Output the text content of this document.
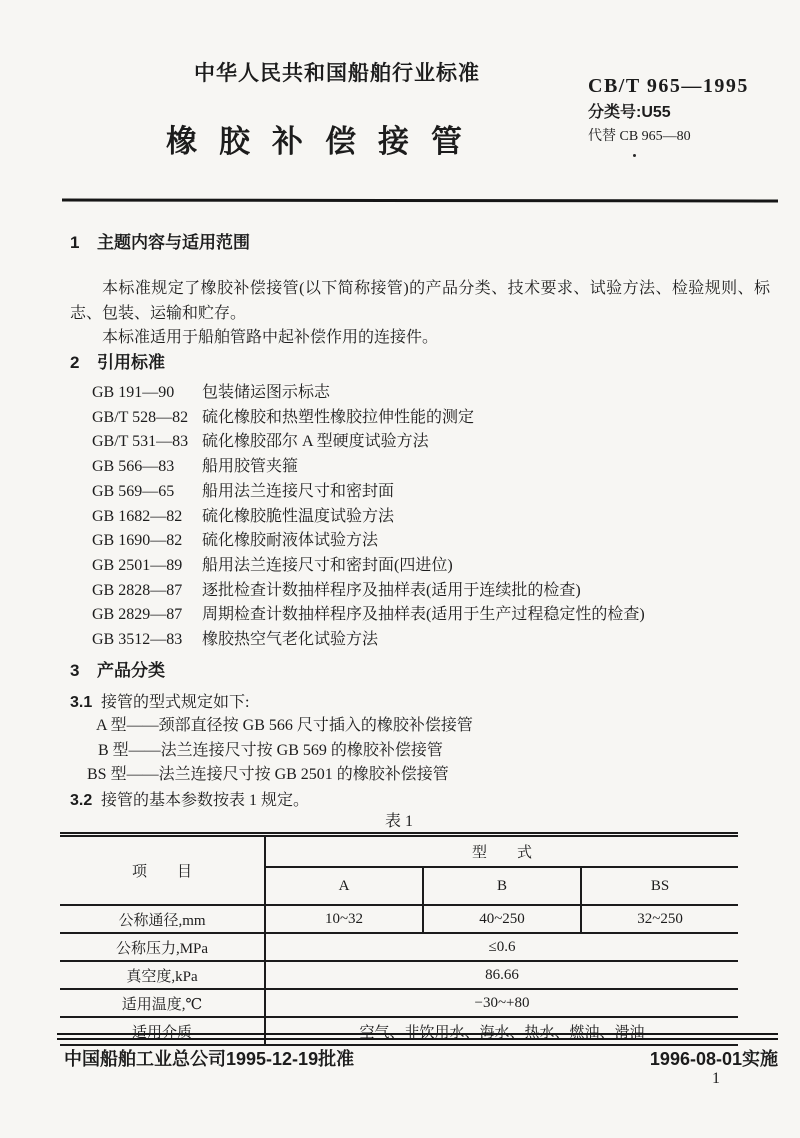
中华人民共和国船舶行业标准
CB/T 965—1995
分类号:U55
代替 CB 965—80
橡胶补偿接管
1 主题内容与适用范围

本标准规定了橡胶补偿接管(以下简称接管)的产品分类、技术要求、试验方法、检验规则、标志、包装、运输和贮存。

本标准适用于船舶管路中起补偿作用的连接件。

2 引用标准
GB 191—90 包装储运图示标志
GB/T 528—82 硫化橡胶和热塑性橡胶拉伸性能的测定
GB/T 531—83 硫化橡胶邵尔 A 型硬度试验方法
GB 566—83 船用胶管夹箍
GB 569—65 船用法兰连接尺寸和密封面
GB 1682—82 硫化橡胶脆性温度试验方法
GB 1690—82 硫化橡胶耐液体试验方法
GB 2501—89 船用法兰连接尺寸和密封面(四进位)
GB 2828—87 逐批检查计数抽样程序及抽样表(适用于连续批的检查)
GB 2829—87 周期检查计数抽样程序及抽样表(适用于生产过程稳定性的检查)
GB 3512—83 橡胶热空气老化试验方法
3 产品分类
3.1 接管的型式规定如下:
A 型——颈部直径按 GB 566 尺寸插入的橡胶补偿接管
B 型——法兰连接尺寸按 GB 569 的橡胶补偿接管
BS 型——法兰连接尺寸按 GB 2501 的橡胶补偿接管
3.2 接管的基本参数按表 1 规定。
表 1
项　　目	型　　式		
	A	B	BS
公称通径,mm	10~32	40~250	32~250
公称压力,MPa	≤0.6		
真空度,kPa	86.66		
适用温度,℃	−30~+80		
适用介质	空气、非饮用水、海水、热水、燃油、滑油		
中国船舶工业总公司1995-12-19批准	1996-08-01实施
1
